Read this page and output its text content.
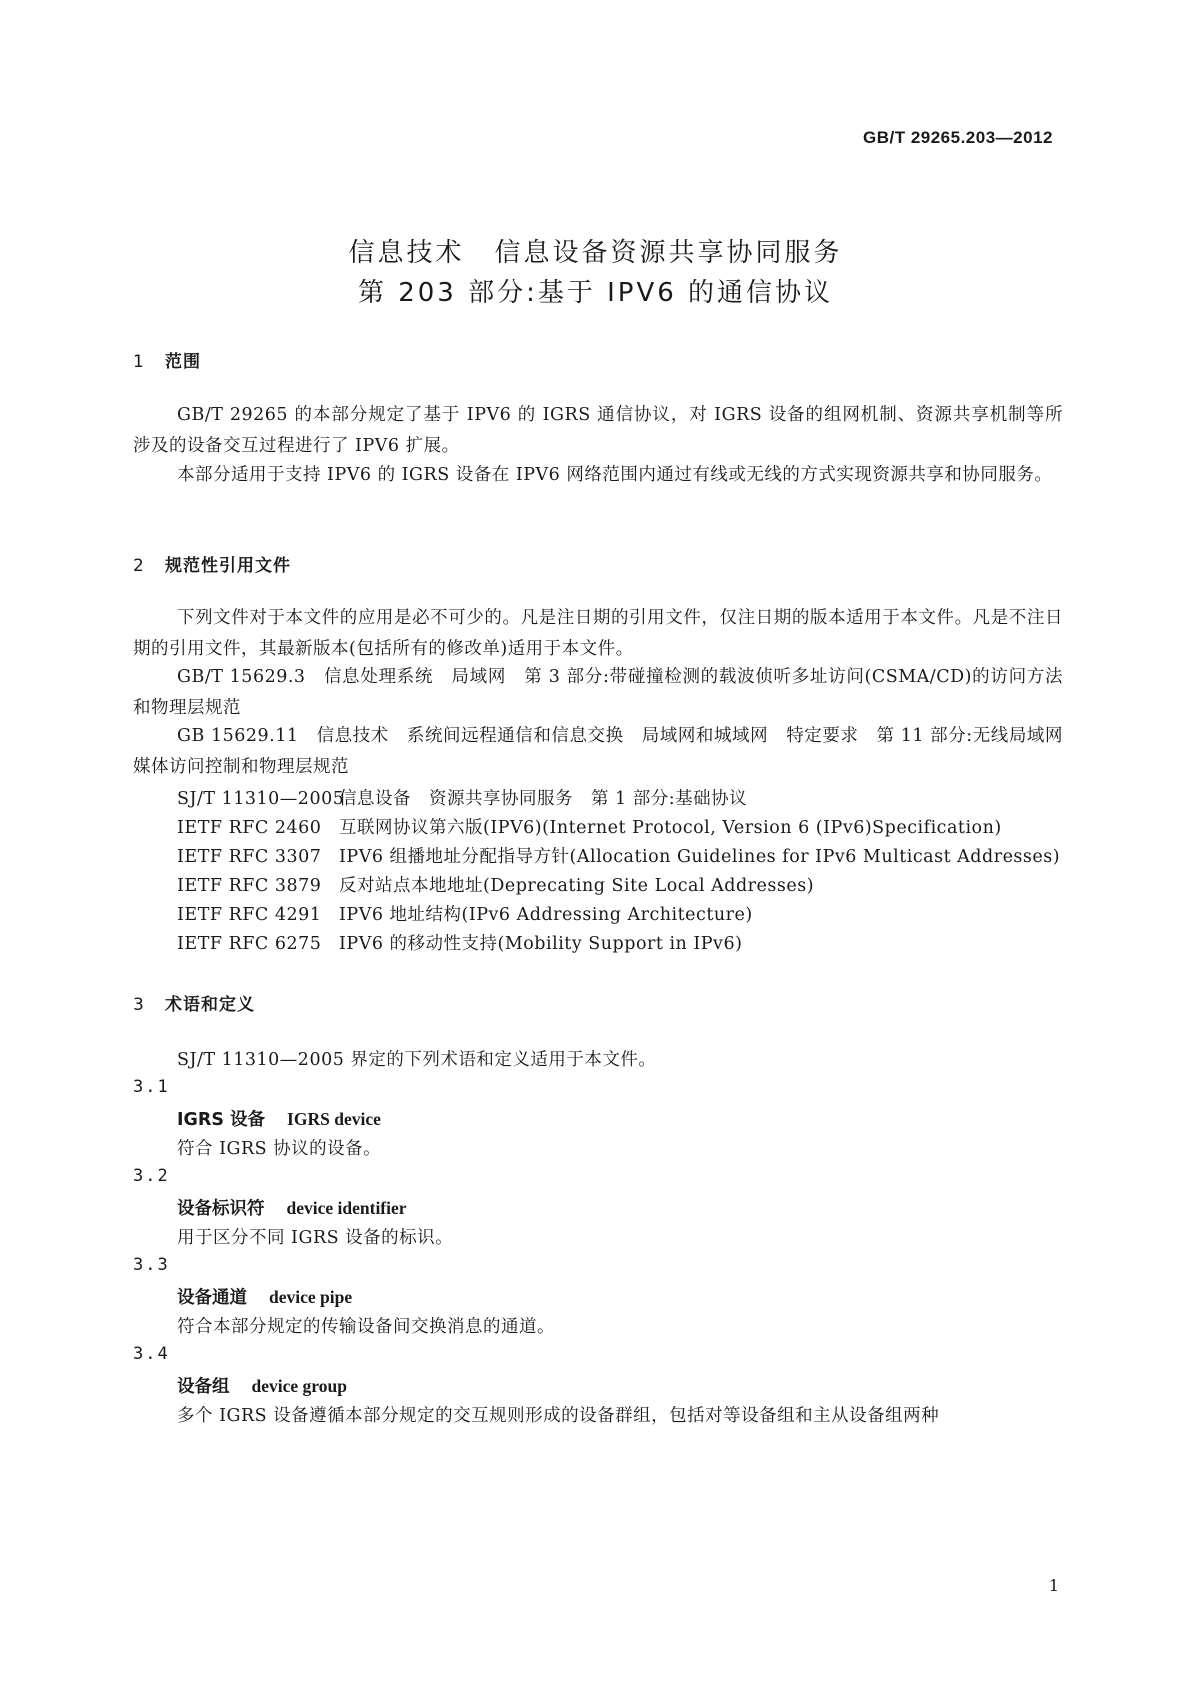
GB/T 29265.203—2012
信息技术 信息设备资源共享协同服务
第 203 部分:基于 IPV6 的通信协议
1 范围
GB/T 29265 的本部分规定了基于 IPV6 的 IGRS 通信协议，对 IGRS 设备的组网机制、资源共享机制等所涉及的设备交互过程进行了 IPV6 扩展。
本部分适用于支持 IPV6 的 IGRS 设备在 IPV6 网络范围内通过有线或无线的方式实现资源共享和协同服务。
2 规范性引用文件
下列文件对于本文件的应用是必不可少的。凡是注日期的引用文件，仅注日期的版本适用于本文件。凡是不注日期的引用文件，其最新版本(包括所有的修改单)适用于本文件。
GB/T 15629.3　信息处理系统　局域网　第 3 部分:带碰撞检测的载波侦听多址访问(CSMA/CD)的访问方法和物理层规范
GB 15629.11　信息技术　系统间远程通信和信息交换　局域网和城域网　特定要求　第 11 部分:无线局域网媒体访问控制和物理层规范
SJ/T 11310—2005信息设备　资源共享协同服务　第 1 部分:基础协议
IETF RFC 2460 互联网协议第六版(IPV6)(Internet Protocol, Version 6 (IPv6)Specification)
IETF RFC 3307 IPV6 组播地址分配指导方针(Allocation Guidelines for IPv6 Multicast Addresses)
IETF RFC 3879 反对站点本地地址(Deprecating Site Local Addresses)
IETF RFC 4291 IPV6 地址结构(IPv6 Addressing Architecture)
IETF RFC 6275 IPV6 的移动性支持(Mobility Support in IPv6)
3 术语和定义
SJ/T 11310—2005 界定的下列术语和定义适用于本文件。
3.1
IGRS 设备 IGRS device
符合 IGRS 协议的设备。
3.2
设备标识符 device identifier
用于区分不同 IGRS 设备的标识。
3.3
设备通道 device pipe
符合本部分规定的传输设备间交换消息的通道。
3.4
设备组 device group
多个 IGRS 设备遵循本部分规定的交互规则形成的设备群组，包括对等设备组和主从设备组两种
1
